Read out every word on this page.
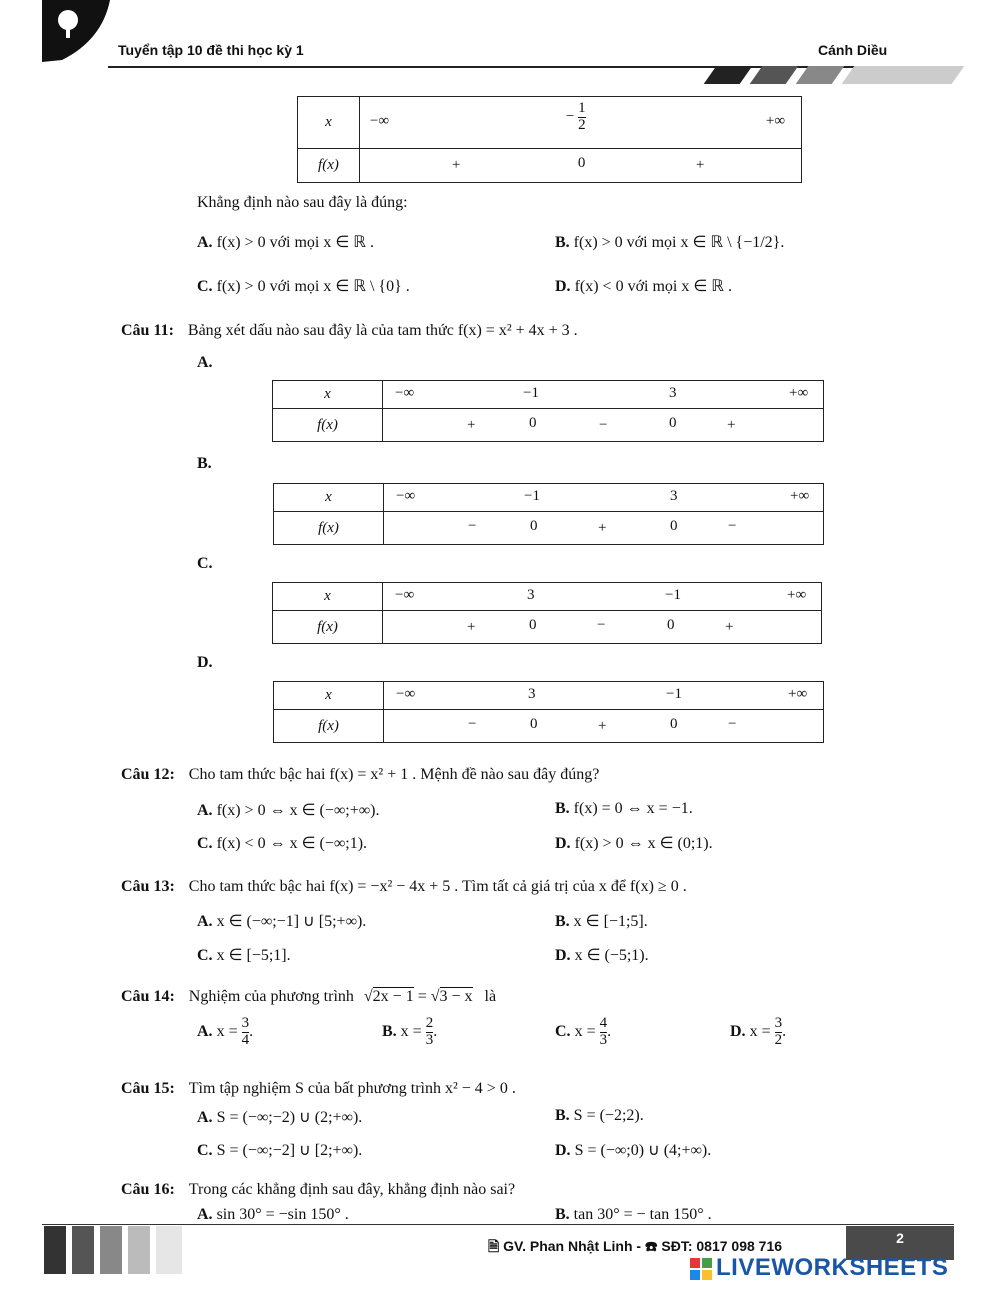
Tuyển tập 10 đề thi học kỳ 1	Cánh Diều
x	−∞ − $\frac{1}{2}$ +∞

f(x)	+ 0 +
Khẳng định nào sau đây là đúng:
A. f(x) > 0 với mọi x ∈ ℝ .	B. f(x) > 0 với mọi x ∈ ℝ \ {−1/2}.
C. f(x) > 0 với mọi x ∈ ℝ \ {0} .	D. f(x) < 0 với mọi x ∈ ℝ .
Câu 11: Bảng xét dấu nào sau đây là của tam thức f(x) = x² + 4x + 3 .
A.
x	−∞ −1 3 +∞

f(x)	+ 0 − 0 +
B.
x	−∞ −1 3 +∞

f(x)	− 0 + 0 −
C.
x	−∞ 3 −1 +∞

f(x)	+ 0 − 0 +
D.
x	−∞ 3 −1 +∞

f(x)	− 0 + 0 −
Câu 12: Cho tam thức bậc hai f(x) = x² + 1 . Mệnh đề nào sau đây đúng?
A. f(x) > 0 ⇔ x ∈ (−∞;+∞).	B. f(x) = 0 ⇔ x = −1.
C. f(x) < 0 ⇔ x ∈ (−∞;1).	D. f(x) > 0 ⇔ x ∈ (0;1).
Câu 13: Cho tam thức bậc hai f(x) = −x² − 4x + 5 . Tìm tất cả giá trị của x để f(x) ≥ 0 .
A. x ∈ (−∞;−1] ∪ [5;+∞).	B. x ∈ [−1;5].
C. x ∈ [−5;1].	D. x ∈ (−5;1).
Câu 14: Nghiệm của phương trình √2x − 1 = √3 − x là
A. $x = \frac{3}{4}$ .	B. $x = \frac{2}{3}$ .	C. $x = \frac{4}{3}$ .	D. $x = \frac{3}{2}$ .
Câu 15: Tìm tập nghiệm S của bất phương trình x² − 4 > 0 .
A. S = (−∞;−2) ∪ (2;+∞).	B. S = (−2;2).
C. S = (−∞;−2] ∪ [2;+∞).	D. S = (−∞;0) ∪ (4;+∞).
Câu 16: Trong các khẳng định sau đây, khẳng định nào sai?
A. sin 30° = −sin 150° .	B. tan 30° = − tan 150° .
🗎 GV. Phan Nhật Linh - ☎ SĐT: 0817 098 716	2
LIVEWORKSHEETS
